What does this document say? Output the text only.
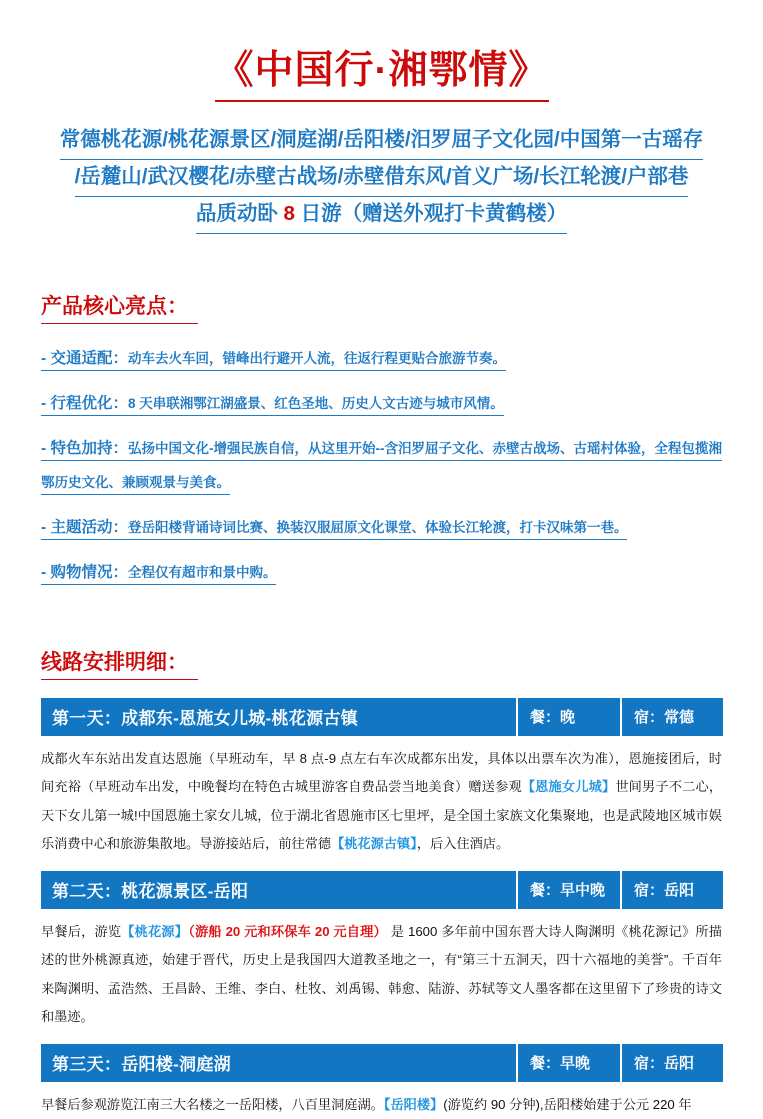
《中国行·湘鄂情》
常德桃花源/桃花源景区/洞庭湖/岳阳楼/汨罗屈子文化园/中国第一古瑶存
/岳麓山/武汉樱花/赤壁古战场/赤壁借东风/首义广场/长江轮渡/户部巷
品质动卧 8 日游（赠送外观打卡黄鹤楼）
产品核心亮点：
- 交通适配：动车去火车回，错峰出行避开人流，往返行程更贴合旅游节奏。
- 行程优化：8 天串联湘鄂江湖盛景、红色圣地、历史人文古迹与城市风情。
- 特色加持：弘扬中国文化-增强民族自信，从这里开始--含汨罗屈子文化、赤壁古战场、古瑶村体验，全程包揽湘鄂历史文化、兼顾观景与美食。
- 主题活动：登岳阳楼背诵诗词比赛、换装汉服屈原文化课堂、体验长江轮渡，打卡汉味第一巷。
- 购物情况：全程仅有超市和景中购。
线路安排明细：
第一天：成都东-恩施女儿城-桃花源古镇	餐：晚	宿：常德
成都火车东站出发直达恩施（早班动车，早 8 点-9 点左右车次成都东出发，具体以出票车次为准），恩施接团后，时间充裕（早班动车出发，中晚餐均在特色古城里游客自费品尝当地美食）赠送参观【恩施女儿城】世间男子不二心，天下女儿第一城!中国恩施土家女儿城，位于湖北省恩施市区七里坪，是全国土家族文化集聚地，也是武陵地区城市娱乐消费中心和旅游集散地。导游接站后，前往常德【桃花源古镇】，后入住酒店。
第二天：桃花源景区-岳阳	餐：早中晚	宿：岳阳
早餐后，游览【桃花源】（游船 20 元和环保车 20 元自理） 是 1600 多年前中国东晋大诗人陶渊明《桃花源记》所描述的世外桃源真迹，始建于晋代，历史上是我国四大道教圣地之一，有“第三十五洞天，四十六福地的美誉”。千百年来陶渊明、孟浩然、王昌龄、王维、李白、杜牧、刘禹锡、韩愈、陆游、苏轼等文人墨客都在这里留下了珍贵的诗文和墨迹。
第三天：岳阳楼-洞庭湖	餐：早晚	宿：岳阳
早餐后参观游览江南三大名楼之一岳阳楼，八百里洞庭湖。【岳阳楼】(游览约 90 分钟),岳阳楼始建于公元 220 年
